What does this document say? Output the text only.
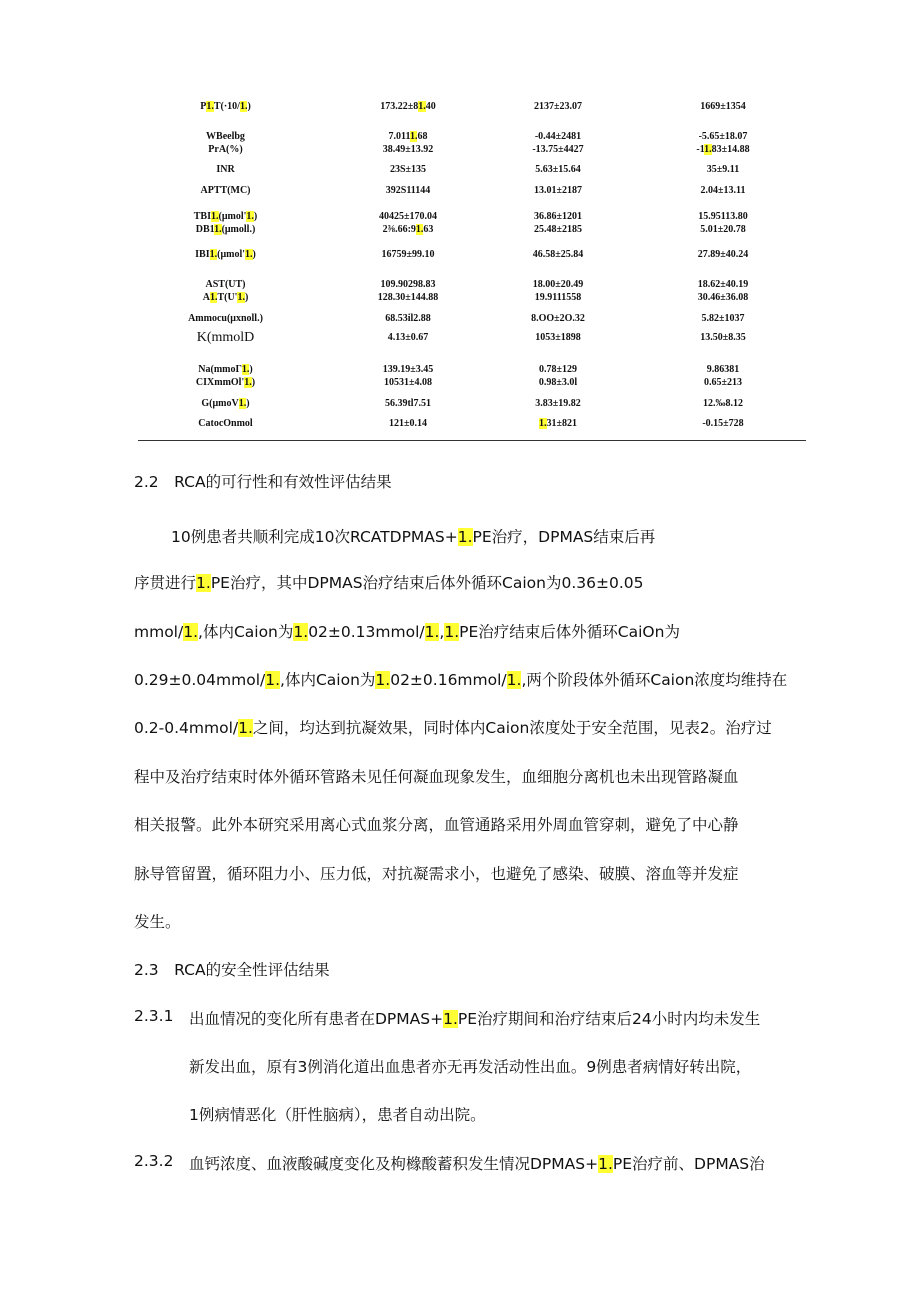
P1.T(·10/1.)	173.22±81.40	2137±23.07	1669±1354
WBeelbg	7.0111.68	-0.44±2481	-5.65±18.07
PrA(%)	38.49±13.92	-13.75±4427	-11.83±14.88
INR	23S±135	5.63±15.64	35±9.11
APTT(MC)	392S11144	13.01±2187	2.04±13.11
TBI1.(μmol'1.)	40425±170.04	36.86±1201	15.95113.80
DB11.(μmoll.)	2⅜.66:91.63	25.48±2185	5.01±20.78
IBI1.(μmol'1.)	16759±99.10	46.58±25.84	27.89±40.24
AST(UT)	109.90298.83	18.00±20.49	18.62±40.19
A1.T(U'1.)	128.30±144.88	19.9111558	30.46±36.08
Ammocu(μxnoll.)	68.53il2.88	8.OO±2O.32	5.82±1037
K(mmolD	4.13±0.67	1053±1898	13.50±8.35
Na(mmoΓ1.)	139.19±3.45	0.78±129	9.86381
CIXmmOl'1.)	10531±4.08	0.98±3.0l	0.65±213
G(μmoV1.)	56.39tl7.51	3.83±19.82	12.‰8.12
CatocOnmol	121±0.14	1.31±821	-0.15±728
2.2　RCA的可行性和有效性评估结果
10例患者共顺利完成10次RCATDPMAS+1.PE治疗，DPMAS结束后再
序贯进行1.PE治疗，其中DPMAS治疗结束后体外循环Caion为0.36±0.05
mmol/1.,体内Caion为1.02±0.13mmol/1.,1.PE治疗结束后体外循环CaiOn为
0.29±0.04mmol/1.,体内Caion为1.02±0.16mmol/1.,两个阶段体外循环Caion浓度均维持在
0.2-0.4mmol/1.之间，均达到抗凝效果，同时体内Caion浓度处于安全范围，见表2。治疗过
程中及治疗结束时体外循环管路未见任何凝血现象发生，血细胞分离机也未出现管路凝血
相关报警。此外本研究采用离心式血浆分离，血管通路采用外周血管穿刺，避免了中心静
脉导管留置，循环阻力小、压力低，对抗凝需求小，也避免了感染、破膜、溶血等并发症
发生。
2.3　RCA的安全性评估结果
2.3.1 出血情况的变化所有患者在DPMAS+1.PE治疗期间和治疗结束后24小时内均未发生
新发出血，原有3例消化道出血患者亦无再发活动性出血。9例患者病情好转出院，
1例病情恶化（肝性脑病），患者自动出院。
2.3.2 血钙浓度、血液酸碱度变化及枸橼酸蓄积发生情况DPMAS+1.PE治疗前、DPMAS治
